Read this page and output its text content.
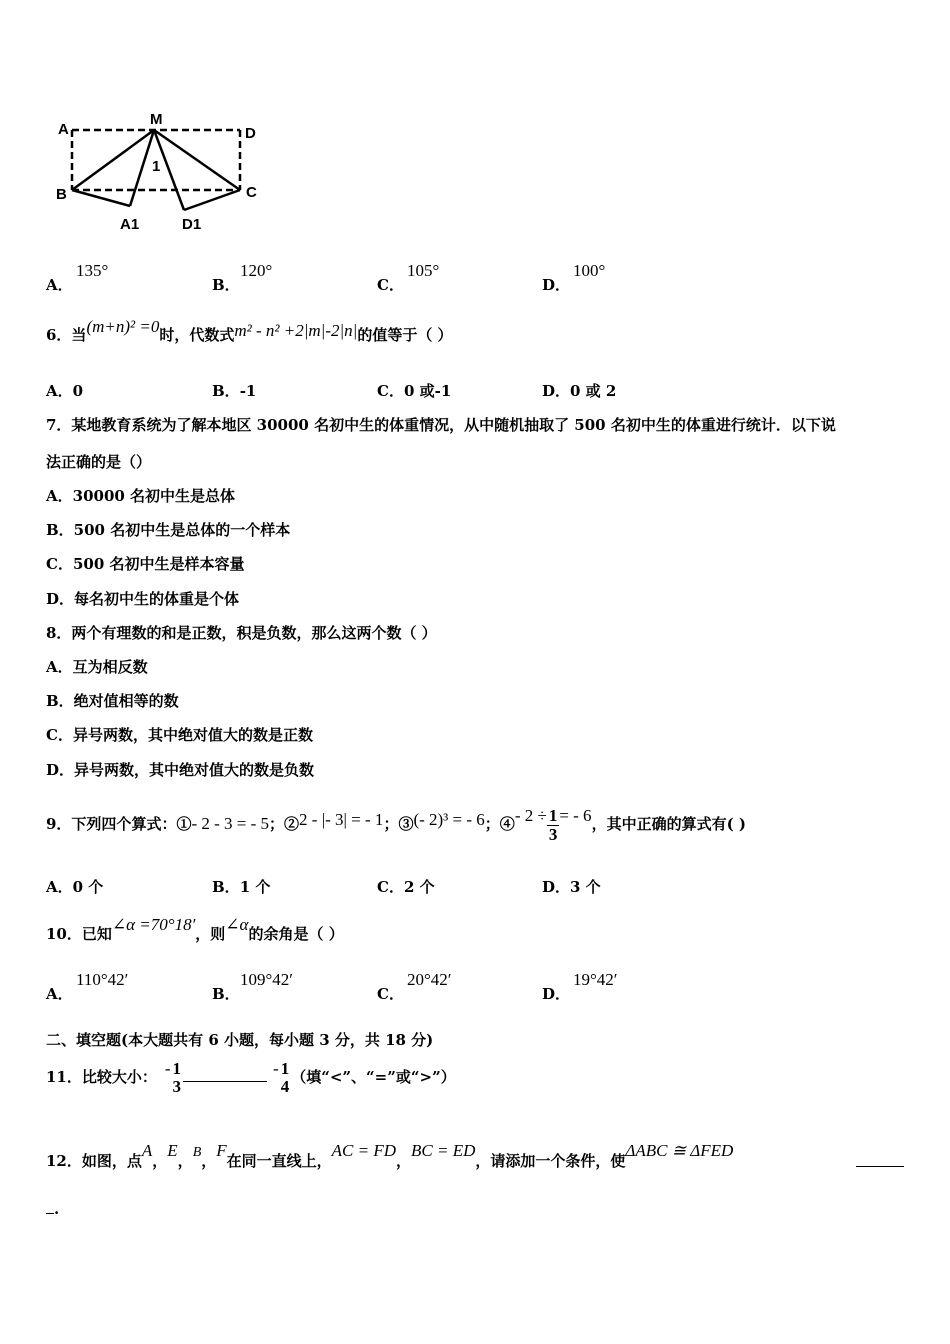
A
M
D
B	C
A1	D1
1
A．
135°
B．
120°
C．
105°
D．
100°
6．当(m+n)² =0时，代数式m² - n² +2|m|-2|n|的值等于（ ）
A．0	B．-1	C．0 或-1	D．0 或 2
7．某地教育系统为了解本地区 30000 名初中生的体重情况，从中随机抽取了 500 名初中生的体重进行统计．以下说
法正确的是（）
A．30000 名初中生是总体
B．500 名初中生是总体的一个样本
C．500 名初中生是样本容量
D．每名初中生的体重是个体
8．两个有理数的和是正数，积是负数，那么这两个数（ ）
A．互为相反数
B．绝对值相等的数
C．异号两数，其中绝对值大的数是正数
D．异号两数，其中绝对值大的数是负数
9．下列四个算式：①- 2 - 3 = - 5；②2 - |- 3| = - 1；③(- 2)³ = - 6；④- $2 \div \frac{1}{3}$ = - 6，其中正确的算式有( )
A．0 个	B．1 个	C．2 个	D．3 个
10．已知∠α =70°18′，则∠α的余角是（ ）
A．
110°42′
B．
109°42′
C．
20°42′
D．
19°42′
二、填空题(本大题共有 6 小题，每小题 3 分，共 18 分)
11．比较大小： - 1
3
- 1
4 （填“<”、“=”或“>”）
12．如图，点A，E，B，F在同一直线上，AC = FD，BC = ED，请添加一个条件，使ΔABC ≅ ΔFED
.
